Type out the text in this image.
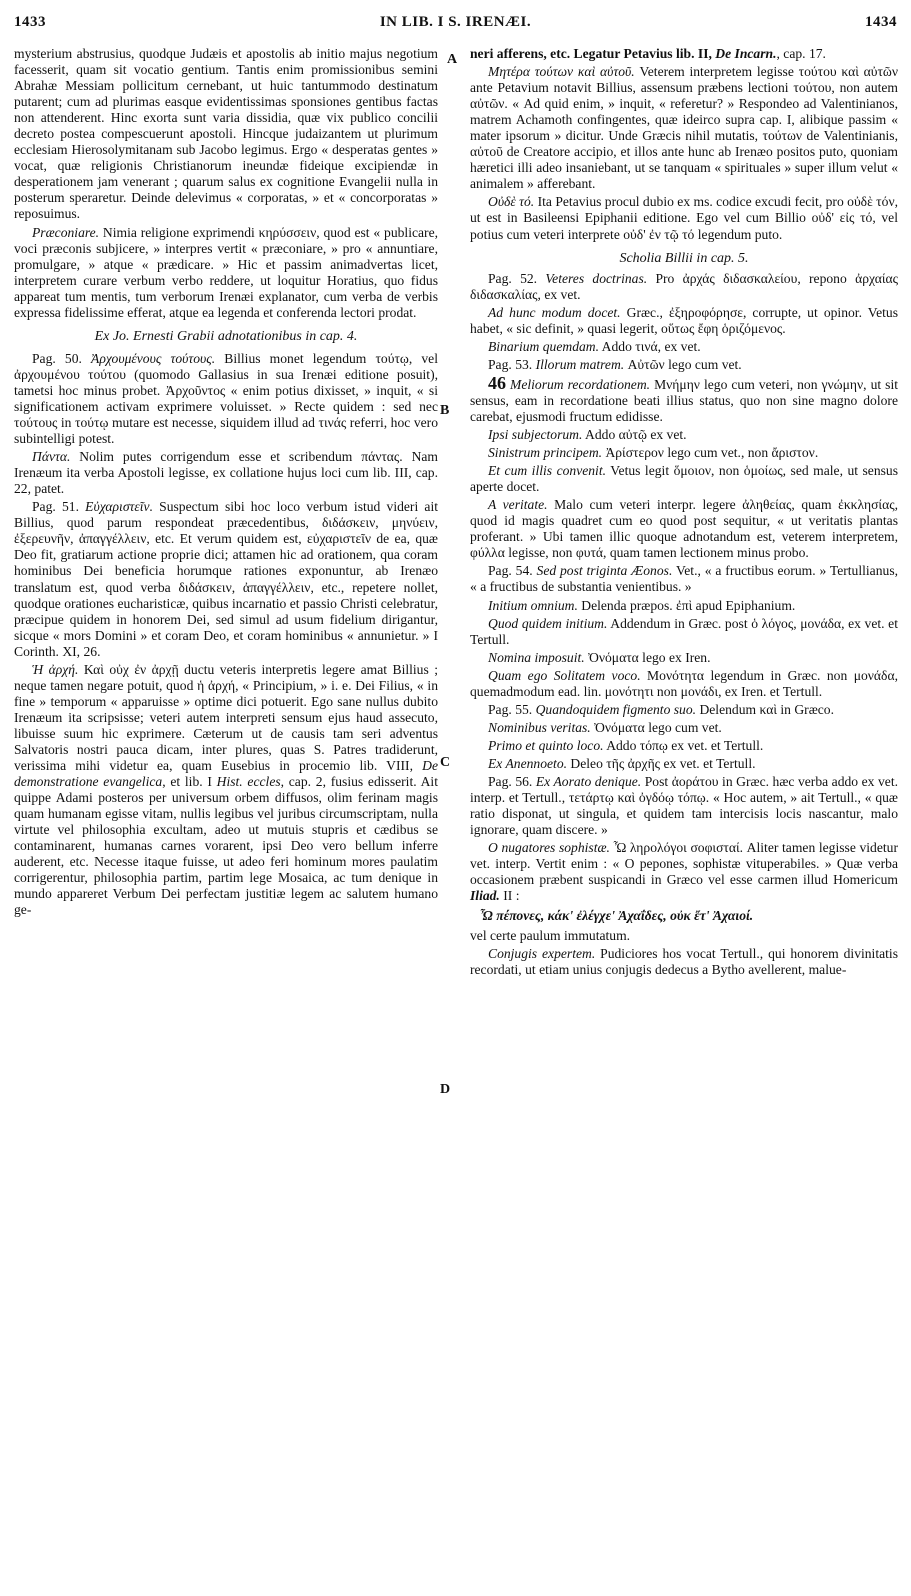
1433	IN LIB. I S. IRENÆI.	1434
A
B
C
D

mysterium abstrusius, quodque Judæis et apostolis ab initio majus negotium facesserit, quam sit vocatio gentium. Tantis enim promissionibus semini Abrahæ Messiam pollicitum cernebant, ut huic tantummodo destinatum putarent; cum ad plurimas easque evidentissimas sponsiones gentibus factas non attenderent. Hinc exorta sunt varia dissidia, quæ vix publico concilii decreto postea compescuerunt apostoli. Hincque judaizantem ut plurimum ecclesiam Hierosolymitanam sub Jacobo legimus. Ergo « desperatas gentes » vocat, quæ religionis Christianorum ineundæ fideique excipiendæ in desperationem jam venerant ; quarum salus ex cognitione Evangelii nulla in posterum speraretur. Deinde delevimus « corporatas, » et « concorporatas » reposuimus.

Præconiare. Nimia religione exprimendi κηρύσσειν, quod est « publicare, voci præconis subjicere, » interpres vertit « præconiare, » pro « annuntiare, promulgare, » atque « prædicare. » Hic et passim animadvertas licet, interpretem curare verbum verbo reddere, ut loquitur Horatius, quo fidus appareat tum mentis, tum verborum Irenæi explanator, cum verba de verbis expressa fidelissime efferat, atque ea legenda et conferenda lectori prodat.

Ex Jo. Ernesti Grabii adnotationibus in cap. 4.

Pag. 50. Ἀρχουμένους τούτους. Billius monet legendum τούτῳ, vel ἀρχουμένου τούτου (quomodo Gallasius in sua Irenæi editione posuit), tametsi hoc minus probet. Ἀρχοῦντος « enim potius dixisset, » inquit, « si significationem activam exprimere voluisset. » Recte quidem : sed nec τούτους in τούτῳ mutare est necesse, siquidem illud ad τινάς referri, hoc vero subintelligi potest.

Πάντα. Nolim putes corrigendum esse et scribendum πάντας. Nam Irenæum ita verba Apostoli legisse, ex collatione hujus loci cum lib. III, cap. 22, patet.

Pag. 51. Εὐχαριστεῖν. Suspectum sibi hoc loco verbum istud videri ait Billius, quod parum respondeat præcedentibus, διδάσκειν, μηνύειν, ἐξερευνῆν, ἀπαγγέλλειν, etc. Et verum quidem est, εὐχαριστεῖν de ea, quæ Deo fit, gratiarum actione proprie dici; attamen hic ad orationem, qua coram hominibus Dei beneficia horumque rationes exponuntur, ab Irenæo translatum est, quod verba διδάσκειν, ἀπαγγέλλειν, etc., repetere nollet, quodque orationes eucharisticæ, quibus incarnatio et passio Christi celebratur, præcipue quidem in honorem Dei, sed simul ad usum fidelium dirigantur, sicque « mors Domini » et coram Deo, et coram hominibus « annunietur. » I Corinth. XI, 26.

Ἡ ἀρχή. Καὶ οὐχ ἐν ἀρχῇ ductu veteris interpretis legere amat Billius ; neque tamen negare potuit, quod ἡ ἀρχή, « Principium, » i. e. Dei Filius, « in fine » temporum « apparuisse » optime dici potuerit. Ego sane nullus dubito Irenæum ita scripsisse; veteri autem interpreti sensum ejus haud assecuto, libuisse suum hic exprimere. Cæterum ut de causis tam seri adventus Salvatoris nostri pauca dicam, inter plures, quas S. Patres tradiderunt, verissima mihi videtur ea, quam Eusebius in procemio lib. VIII, De demonstratione evangelica, et lib. I Hist. eccles, cap. 2, fusius edisserit. Ait quippe Adami posteros per universum orbem diffusos, olim ferinam magis quam humanam egisse vitam, nullis legibus vel juribus circumscriptam, nulla virtute vel philosophia excultam, adeo ut mutuis stupris et cædibus se contaminarent, humanas carnes vorarent, ipsi Deo vero bellum inferre auderent, etc. Necesse itaque fuisse, ut adeo feri hominum mores paulatim corrigerentur, philosophia partim, partim lege Mosaica, ac tum denique in mundo appareret Verbum Dei perfectam justitiæ legem ac salutem humano ge-

neri afferens, etc. Legatur Petavius lib. II, De Incarn., cap. 17.

Μητέρα τούτων καὶ αὐτοῦ. Veterem interpretem legisse τούτου καὶ αὐτῶν ante Petavium notavit Billius, assensum præbens lectioni τούτου, non autem αὐτῶν. « Ad quid enim, » inquit, « referetur? » Respondeo ad Valentinianos, matrem Achamoth confingentes, quæ ideirco supra cap. I, alibique passim « mater ipsorum » dicitur. Unde Græcis nihil mutatis, τούτων de Valentinianis, αὐτοῦ de Creatore accipio, et illos ante hunc ab Irenæo positos puto, quoniam hæretici illi adeo insaniebant, ut se tanquam « spirituales » super illum velut « animalem » afferebant.

Οὐδὲ τό. Ita Petavius procul dubio ex ms. codice excudi fecit, pro οὐδὲ τόν, ut est in Basileensi Epiphanii editione. Ego vel cum Billio οὐδ' εἰς τό, vel potius cum veteri interprete οὐδ' ἐν τῷ τό legendum puto.

Scholia Billii in cap. 5.

Pag. 52. Veteres doctrinas. Pro ἀρχάς διδασκαλείου, repono ἀρχαίας διδασκαλίας, ex vet.

Ad hunc modum docet. Græc., ἐξηροφόρησε, corrupte, ut opinor. Vetus habet, « sic definit, » quasi legerit, οὕτως ἔφη ὁριζόμενος.

Binarium quemdam. Addo τινά, ex vet.

Pag. 53. Illorum matrem. Αὐτῶν lego cum vet.

46 Meliorum recordationem. Μνήμην lego cum veteri, non γνώμην, ut sit sensus, eam in recordatione beati illius status, quo non sine magno dolore carebat, ejusmodi fructum edidisse.

Ipsi subjectorum. Addo αὐτῷ ex vet.

Sinistrum principem. Ἀρίστερον lego cum vet., non ἄριστον.

Et cum illis convenit. Vetus legit ὅμοιον, non ὁμοίως, sed male, ut sensus aperte docet.

A veritate. Malo cum veteri interpr. legere ἀληθείας, quam ἐκκλησίας, quod id magis quadret cum eo quod post sequitur, « ut veritatis plantas proferant. » Ubi tamen illic quoque adnotandum est, veterem interpretem, φύλλα legisse, non φυτά, quam tamen lectionem minus probo.

Pag. 54. Sed post triginta Æonos. Vet., « a fructibus eorum. » Tertullianus, « a fructibus de substantia venientibus. »

Initium omnium. Delenda præpos. ἐπὶ apud Epiphanium.

Quod quidem initium. Addendum in Græc. post ὁ λόγος, μονάδα, ex vet. et Tertull.

Nomina imposuit. Ὀνόματα lego ex Iren.

Quam ego Solitatem voco. Μονότητα legendum in Græc. non μονάδα, quemadmodum ead. lin. μονότητι non μονάδι, ex Iren. et Tertull.

Pag. 55. Quandoquidem figmento suo. Delendum καὶ in Græco.

Nominibus veritas. Ὀνόματα lego cum vet.

Primo et quinto loco. Addo τόπῳ ex vet. et Tertull.

Ex Anennoeto. Deleo τῆς ἀρχῆς ex vet. et Tertull.

Pag. 56. Ex Aorato denique. Post ἀοράτου in Græc. hæc verba addo ex vet. interp. et Tertull., τετάρτῳ καὶ ὀγδόῳ τόπῳ. « Hoc autem, » ait Tertull., « quæ ratio disponat, ut singula, et quidem tam intercisis locis nascantur, malo ignorare, quam discere. »

O nugatores sophistæ. Ὦ ληρολόγοι σοφισταί. Aliter tamen legisse videtur vet. interp. Vertit enim : « O pepones, sophistæ vituperabiles. » Quæ verba occasionem præbent suspicandi in Græco vel esse carmen illud Homericum Iliad. II :

Ὦ πέπονες, κάκ' ἐλέγχε' Ἀχαΐδες, οὐκ ἔτ' Ἀχαιοί.

vel certe paulum immutatum.

Conjugis expertem. Pudiciores hos vocat Tertull., qui honorem divinitatis recordati, ut etiam unius conjugis dedecus a Bytho avellerent, malue-
